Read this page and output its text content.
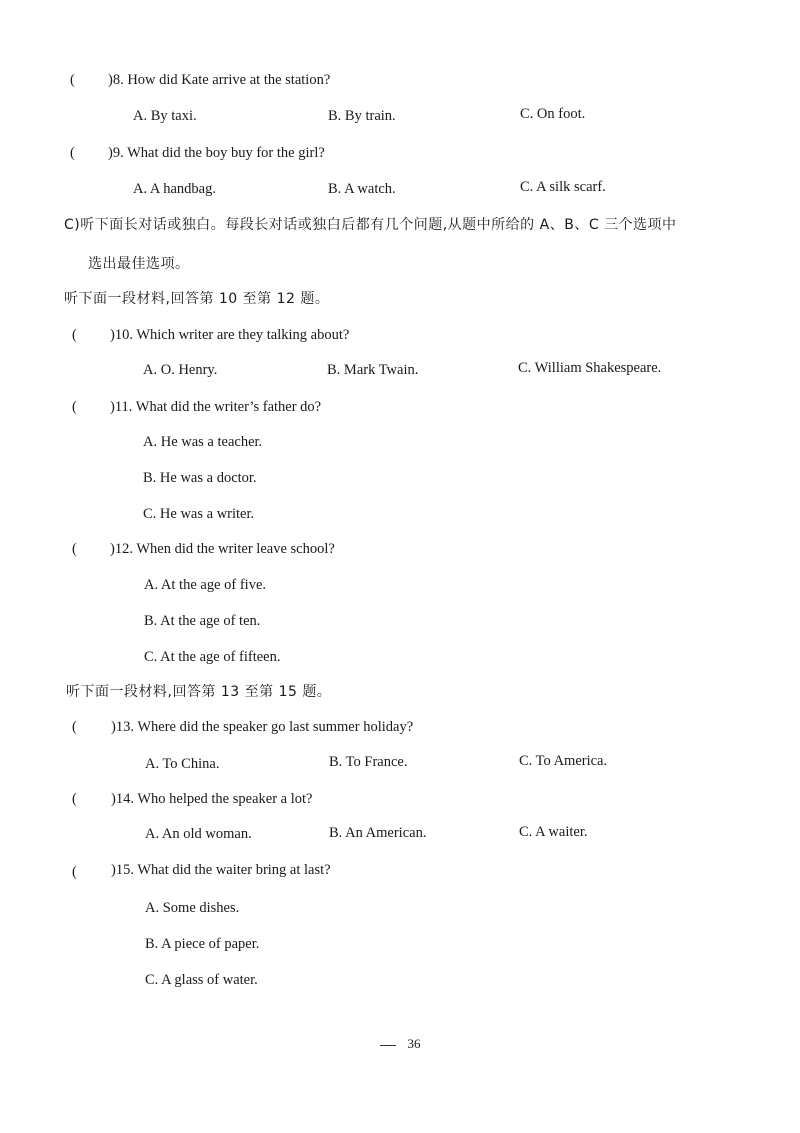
( )8. How did Kate arrive at the station?
A. By taxi.	B. By train.	C. On foot.
( )9. What did the boy buy for the girl?
A. A handbag.	B. A watch.	C. A silk scarf.
C)听下面长对话或独白。每段长对话或独白后都有几个问题,从题中所给的 A、B、C 三个选项中
选出最佳选项。
听下面一段材料,回答第 10 至第 12 题。
( )10. Which writer are they talking about?
A. O. Henry.	B. Mark Twain.	C. William Shakespeare.
( )11. What did the writer’s father do?
A. He was a teacher.
B. He was a doctor.
C. He was a writer.
( )12. When did the writer leave school?
A. At the age of five.
B. At the age of ten.
C. At the age of fifteen.
听下面一段材料,回答第 13 至第 15 题。
( )13. Where did the speaker go last summer holiday?
A. To China.	B. To France.	C. To America.
( )14. Who helped the speaker a lot?
A. An old woman.	B. An American.	C. A waiter.
( )15. What did the waiter bring at last?
A. Some dishes.
B. A piece of paper.
C. A glass of water.
36
